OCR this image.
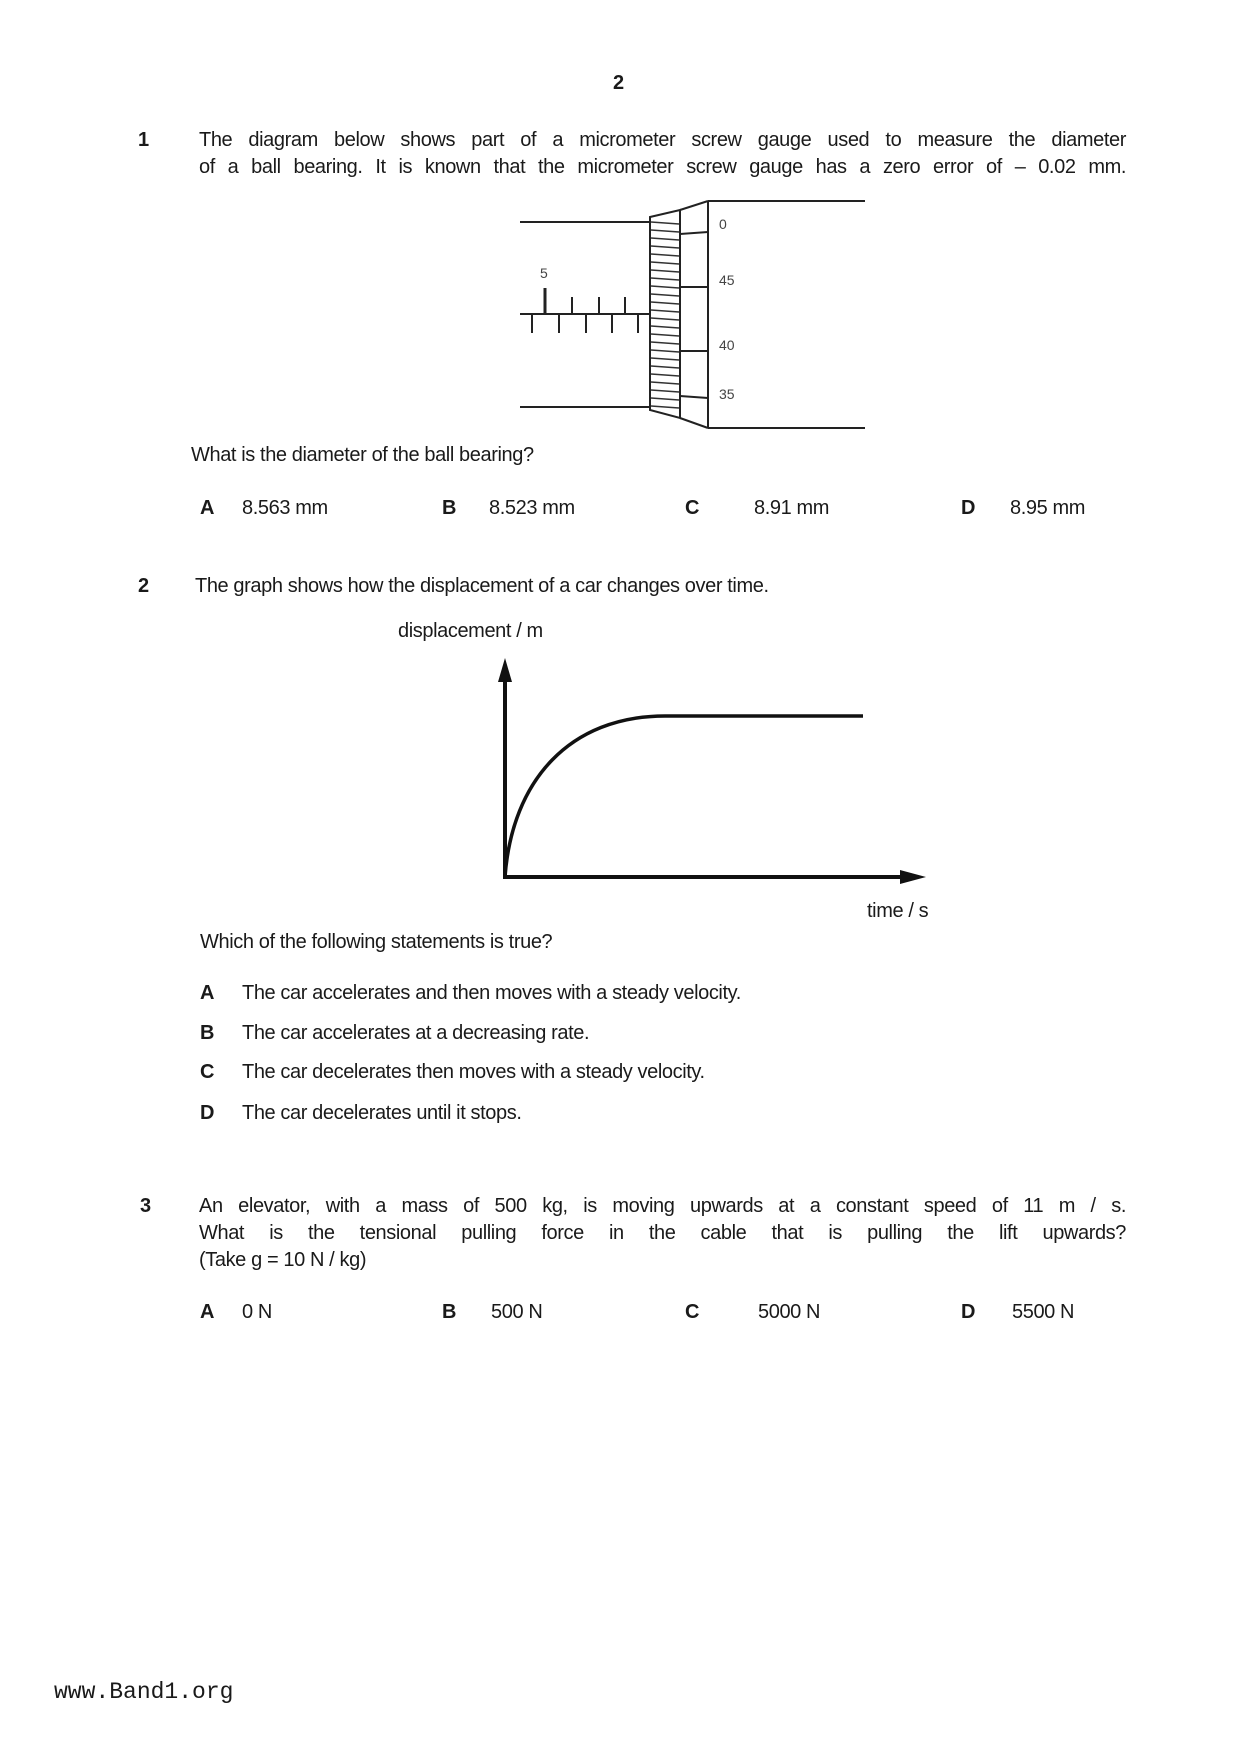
2
1	The diagram below shows part of a micrometer screw gauge used to measure the diameter
of a ball bearing. It is known that the micrometer screw gauge has a zero error of – 0.02 mm.
5
0
45
40
35
What is the diameter of the ball bearing?
A 8.563 mm	B 8.523 mm	C	8.91 mm	D 8.95 mm
2 The graph shows how the displacement of a car changes over time.
displacement / m
time / s
Which of the following statements is true?
A The car accelerates and then moves with a steady velocity.
B The car accelerates at a decreasing rate.
C The car decelerates then moves with a steady velocity.
D The car decelerates until it stops.
3 An elevator, with a mass of 500 kg, is moving upwards at a constant speed of 11 m / s.
What is the tensional pulling force in the cable that is pulling the lift upwards?
(Take g = 10 N / kg)
A 0 N	B 500 N	C	5000 N	D 5500 N
www.Band1.org
